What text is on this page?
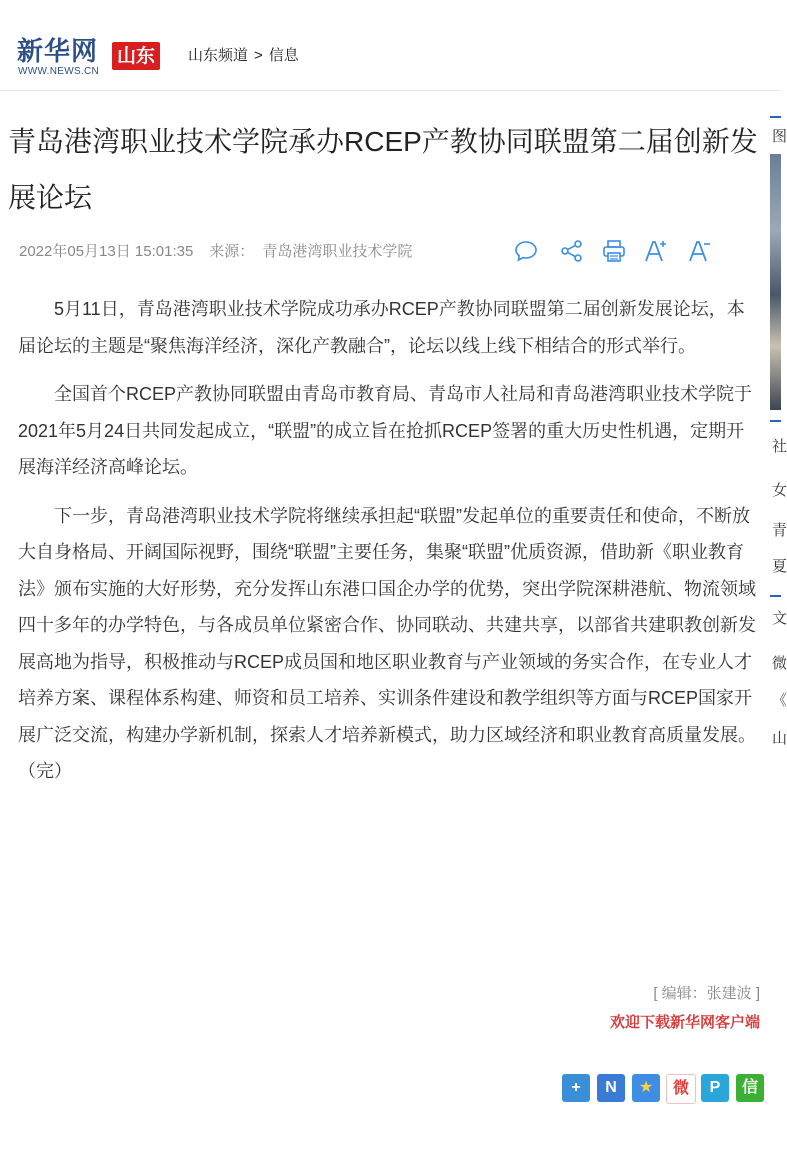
新华网
WWW.NEWS.CN
山东	山东频道 > 信息
青岛港湾职业技术学院承办RCEP产教协同联盟第二届创新发展论坛
2022年05月13日 15:01:35 来源： 青岛港湾职业技术学院

5月11日，青岛港湾职业技术学院成功承办RCEP产教协同联盟第二届创新发展论坛，本届论坛的主题是“聚焦海洋经济，深化产教融合”，论坛以线上线下相结合的形式举行。

全国首个RCEP产教协同联盟由青岛市教育局、青岛市人社局和青岛港湾职业技术学院于2021年5月24日共同发起成立，“联盟”的成立旨在抢抓RCEP签署的重大历史性机遇，定期开展海洋经济高峰论坛。

下一步，青岛港湾职业技术学院将继续承担起“联盟”发起单位的重要责任和使命，不断放大自身格局、开阔国际视野，围绕“联盟”主要任务，集聚“联盟”优质资源，借助新《职业教育法》颁布实施的大好形势，充分发挥山东港口国企办学的优势，突出学院深耕港航、物流领域四十多年的办学特色，与各成员单位紧密合作、协同联动、共建共享，以部省共建职教创新发展高地为指导，积极推动与RCEP成员国和地区职业教育与产业领域的务实合作，在专业人才培养方案、课程体系构建、师资和员工培养、实训条件建设和教学组织等方面与RCEP国家开展广泛交流，构建办学新机制，探索人才培养新模式，助力区域经济和职业教育高质量发展。（完）

[ 编辑：张建波 ]
欢迎下载新华网客户端
+	N	★	微	P	信
图
社
女
青
夏
文
微
《
山
